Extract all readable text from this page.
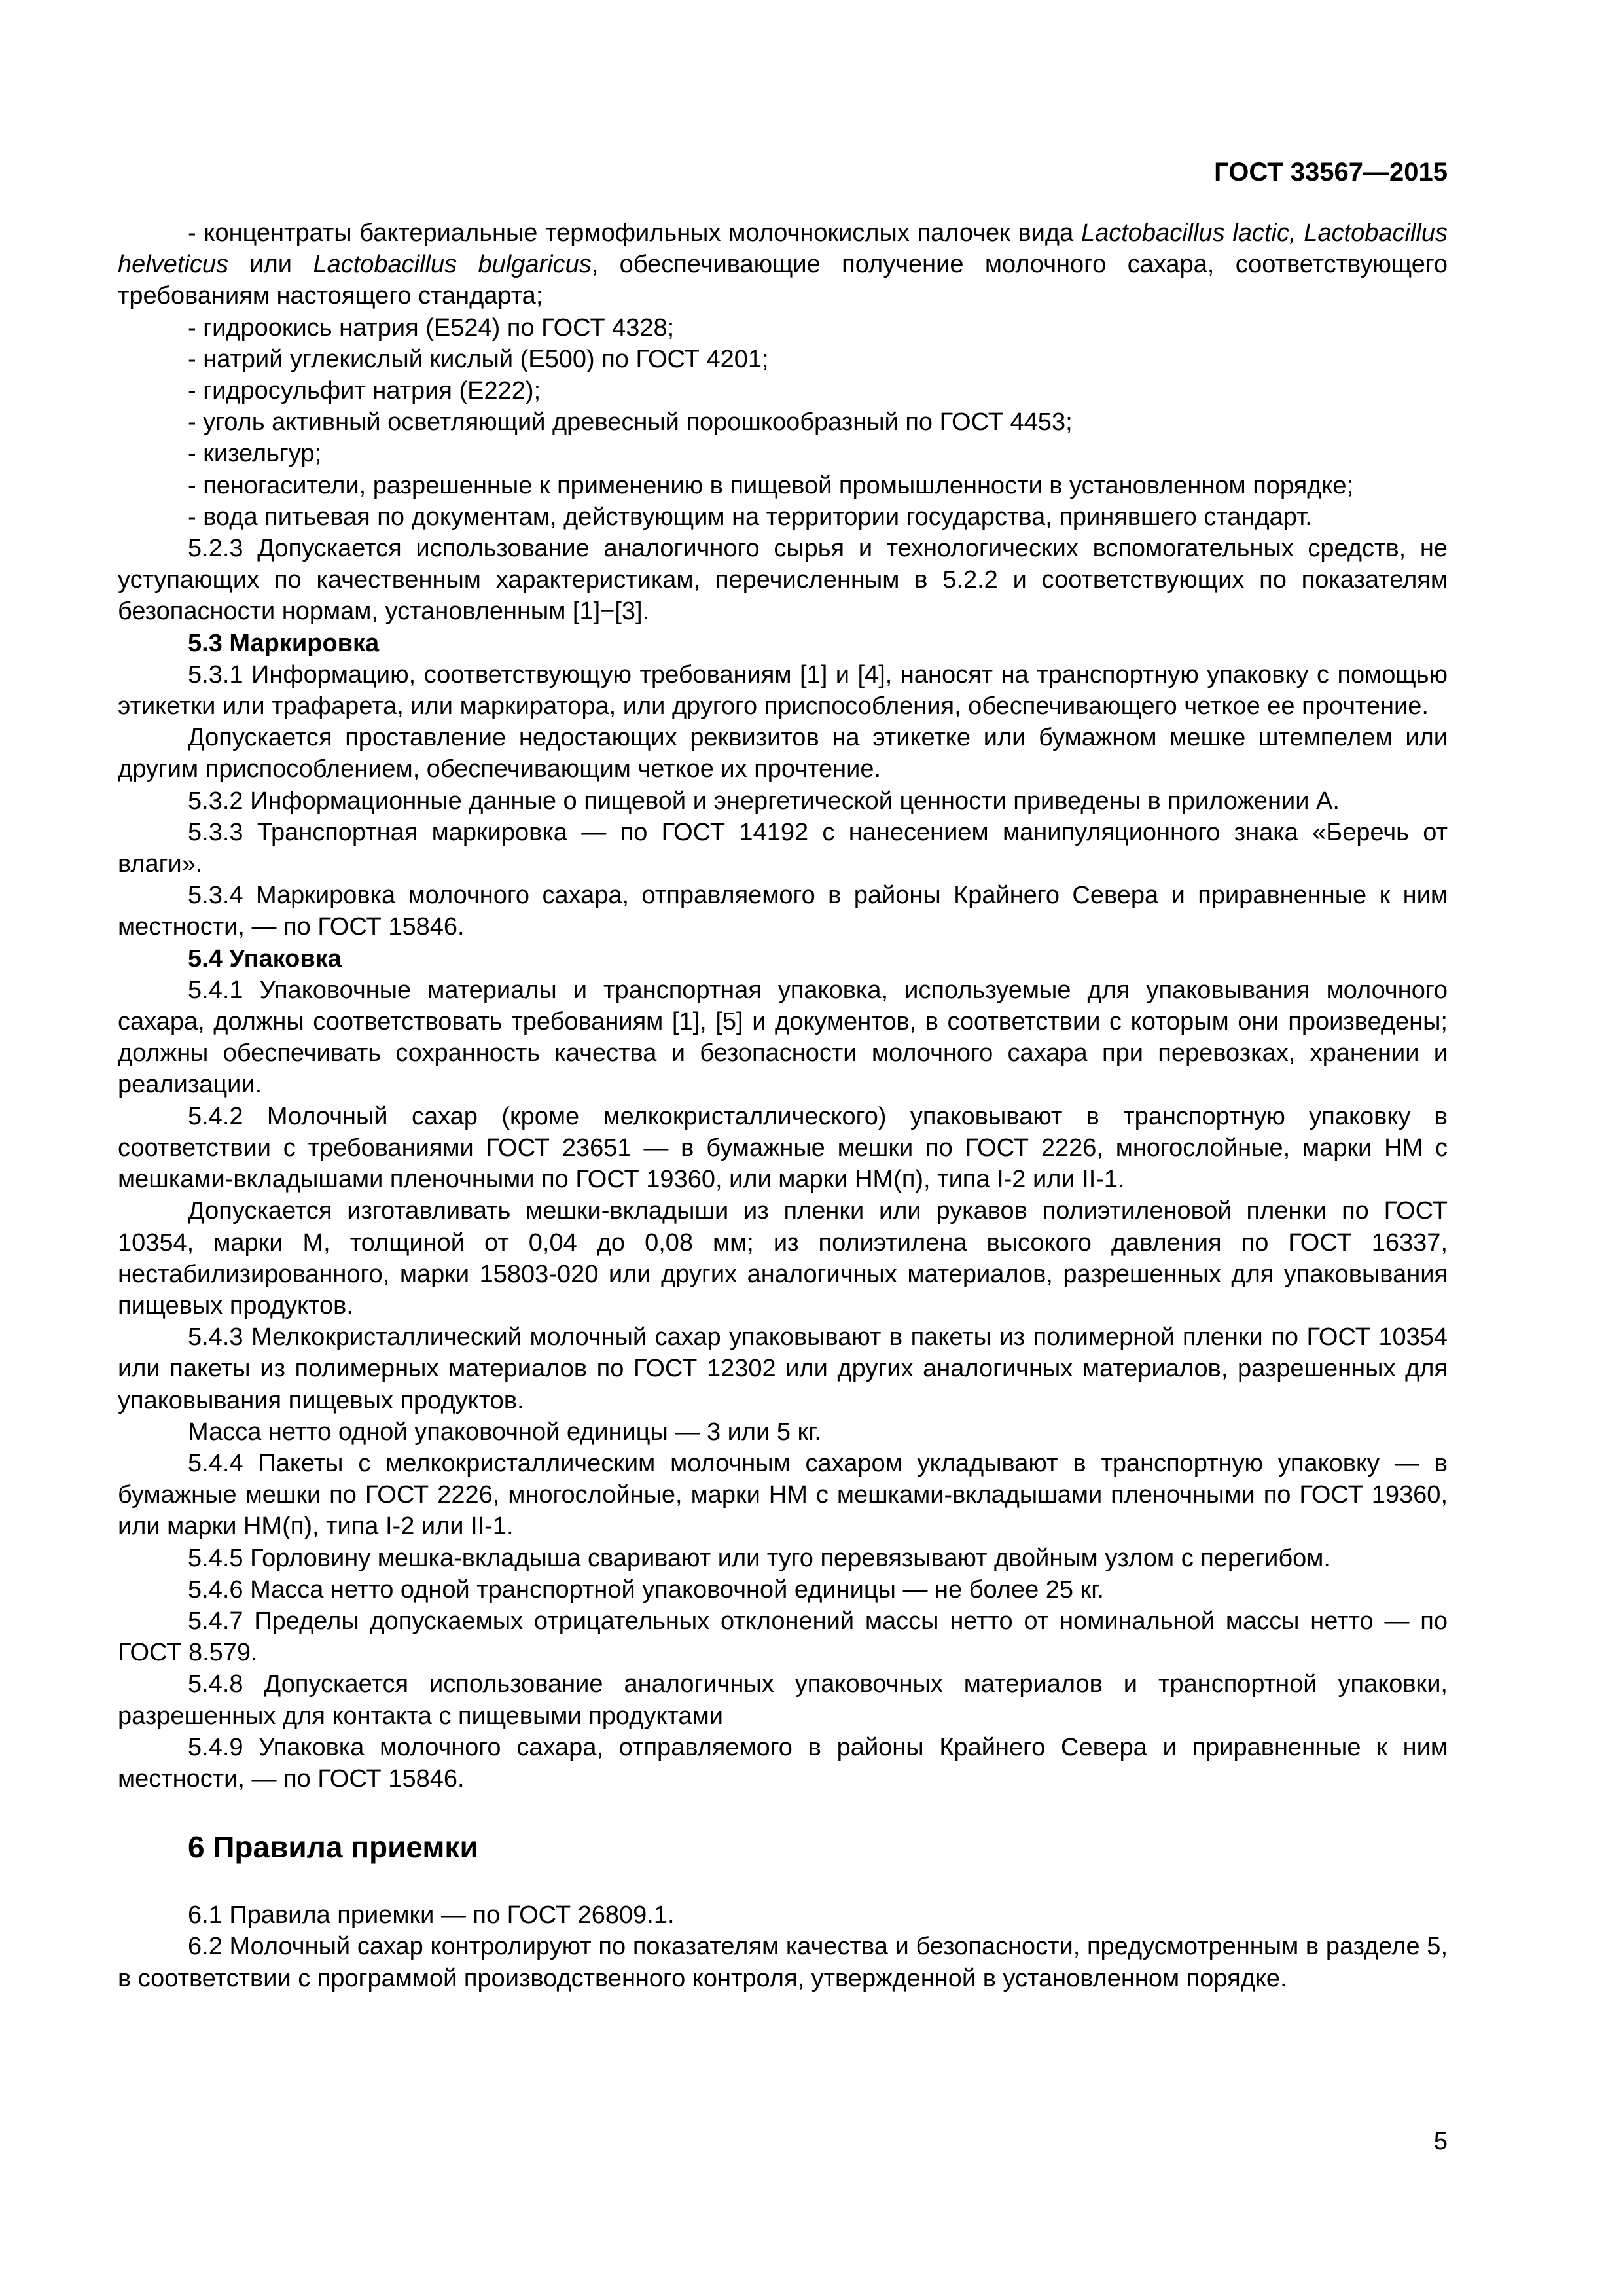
ГОСТ 33567—2015

- концентраты бактериальные термофильных молочнокислых палочек вида Lactobacillus lactic, Lactobacillus helveticus или Lactobacillus bulgaricus, обеспечивающие получение молочного сахара, соответствующего требованиям настоящего стандарта;

- гидроокись натрия (Е524) по ГОСТ 4328;

- натрий углекислый кислый (Е500) по ГОСТ 4201;

- гидросульфит натрия (Е222);

- уголь активный осветляющий древесный порошкообразный по ГОСТ 4453;

- кизельгур;

- пеногасители, разрешенные к применению в пищевой промышленности в установленном порядке;

- вода питьевая по документам, действующим на территории государства, принявшего стандарт.

5.2.3 Допускается использование аналогичного сырья и технологических вспомогательных средств, не уступающих по качественным характеристикам, перечисленным в 5.2.2 и соответствующих по показателям безопасности нормам, установленным [1]−[3].

5.3 Маркировка

5.3.1 Информацию, соответствующую требованиям [1] и [4], наносят на транспортную упаковку с помощью этикетки или трафарета, или маркиратора, или другого приспособления, обеспечивающего четкое ее прочтение.

Допускается проставление недостающих реквизитов на этикетке или бумажном мешке штемпелем или другим приспособлением, обеспечивающим четкое их прочтение.

5.3.2 Информационные данные о пищевой и энергетической ценности приведены в приложении А.

5.3.3 Транспортная маркировка — по ГОСТ 14192 с нанесением манипуляционного знака «Беречь от влаги».

5.3.4 Маркировка молочного сахара, отправляемого в районы Крайнего Севера и приравненные к ним местности, — по ГОСТ 15846.

5.4 Упаковка

5.4.1 Упаковочные материалы и транспортная упаковка, используемые для упаковывания молочного сахара, должны соответствовать требованиям [1], [5] и документов, в соответствии с которым они произведены; должны обеспечивать сохранность качества и безопасности молочного сахара при перевозках, хранении и реализации.

5.4.2 Молочный сахар (кроме мелкокристаллического) упаковывают в транспортную упаковку в соответствии с требованиями ГОСТ 23651 — в бумажные мешки по ГОСТ 2226, многослойные, марки НМ с мешками-вкладышами пленочными по ГОСТ 19360, или марки НМ(п), типа I-2 или II-1.

Допускается изготавливать мешки-вкладыши из пленки или рукавов полиэтиленовой пленки по ГОСТ 10354, марки М, толщиной от 0,04 до 0,08 мм; из полиэтилена высокого давления по ГОСТ 16337, нестабилизированного, марки 15803-020 или других аналогичных материалов, разрешенных для упаковывания пищевых продуктов.

5.4.3 Мелкокристаллический молочный сахар упаковывают в пакеты из полимерной пленки по ГОСТ 10354 или пакеты из полимерных материалов по ГОСТ 12302 или других аналогичных материалов, разрешенных для упаковывания пищевых продуктов.

Масса нетто одной упаковочной единицы — 3 или 5 кг.

5.4.4 Пакеты с мелкокристаллическим молочным сахаром укладывают в транспортную упаковку — в бумажные мешки по ГОСТ 2226, многослойные, марки НМ с мешками-вкладышами пленочными по ГОСТ 19360, или марки НМ(п), типа I-2 или II-1.

5.4.5 Горловину мешка-вкладыша сваривают или туго перевязывают двойным узлом с перегибом.

5.4.6 Масса нетто одной транспортной упаковочной единицы — не более 25 кг.

5.4.7 Пределы допускаемых отрицательных отклонений массы нетто от номинальной массы нетто — по ГОСТ 8.579.

5.4.8 Допускается использование аналогичных упаковочных материалов и транспортной упаковки, разрешенных для контакта с пищевыми продуктами

5.4.9 Упаковка молочного сахара, отправляемого в районы Крайнего Севера и приравненные к ним местности, — по ГОСТ 15846.

6 Правила приемки

6.1 Правила приемки — по ГОСТ 26809.1.

6.2 Молочный сахар контролируют по показателям качества и безопасности, предусмотренным в разделе 5, в соответствии с программой производственного контроля, утвержденной в установленном порядке.

5
